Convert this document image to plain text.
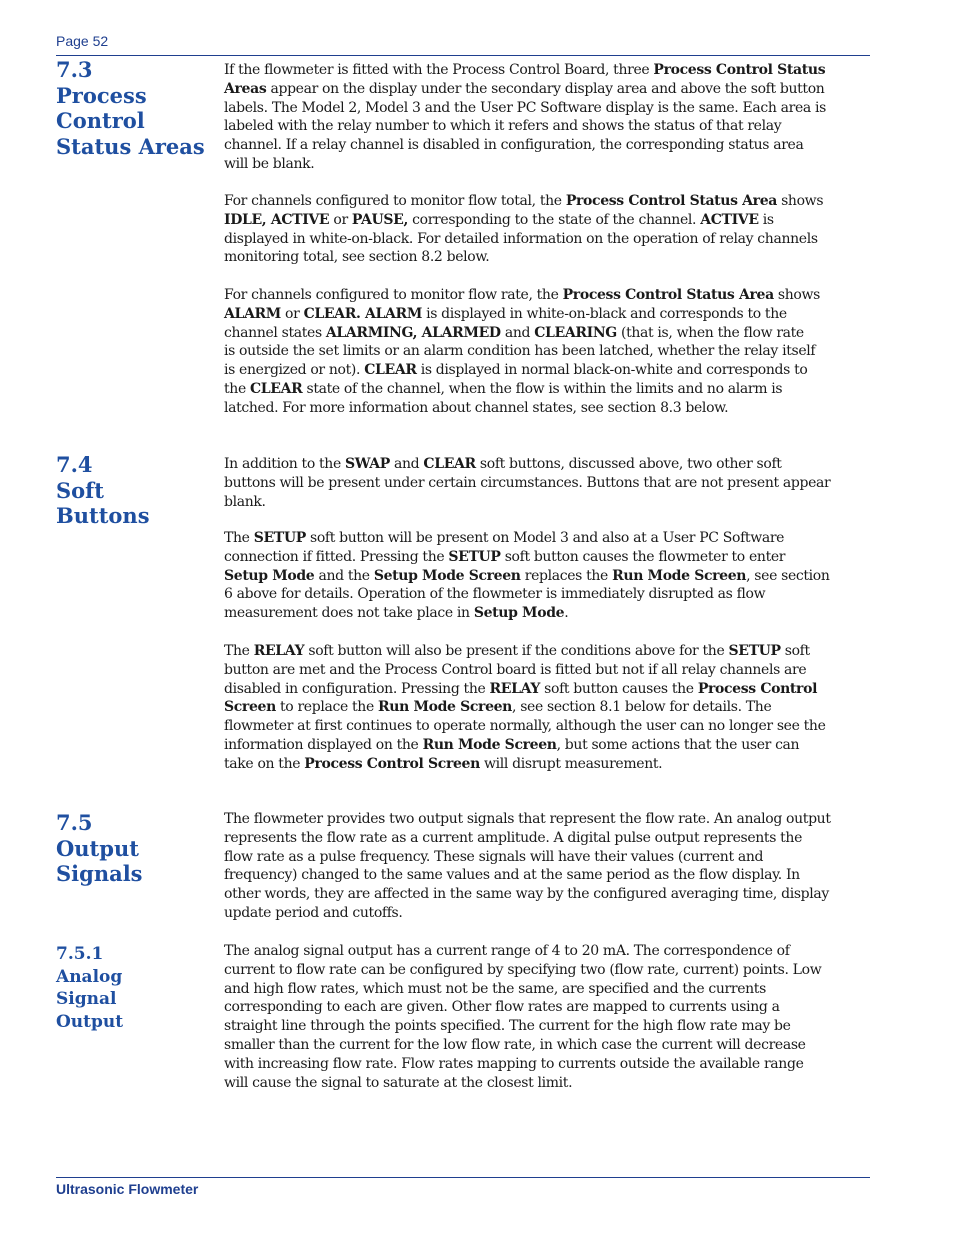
Page 52
7.3
Process
Control
Status Areas

If the flowmeter is fitted with the Process Control Board, three Process Control Status
Areas appear on the display under the secondary display area and above the soft button
labels. The Model 2, Model 3 and the User PC Software display is the same. Each area is
labeled with the relay number to which it refers and shows the status of that relay
channel. If a relay channel is disabled in configuration, the corresponding status area
will be blank.

For channels configured to monitor flow total, the Process Control Status Area shows
IDLE, ACTIVE or PAUSE, corresponding to the state of the channel. ACTIVE is
displayed in white-on-black. For detailed information on the operation of relay channels
monitoring total, see section 8.2 below.

For channels configured to monitor flow rate, the Process Control Status Area shows
ALARM or CLEAR. ALARM is displayed in white-on-black and corresponds to the
channel states ALARMING, ALARMED and CLEARING (that is, when the flow rate
is outside the set limits or an alarm condition has been latched, whether the relay itself
is energized or not). CLEAR is displayed in normal black-on-white and corresponds to
the CLEAR state of the channel, when the flow is within the limits and no alarm is
latched. For more information about channel states, see section 8.3 below.

7.4
Soft
Buttons

In addition to the SWAP and CLEAR soft buttons, discussed above, two other soft
buttons will be present under certain circumstances. Buttons that are not present appear
blank.

The SETUP soft button will be present on Model 3 and also at a User PC Software
connection if fitted. Pressing the SETUP soft button causes the flowmeter to enter
Setup Mode and the Setup Mode Screen replaces the Run Mode Screen, see section
6 above for details. Operation of the flowmeter is immediately disrupted as flow
measurement does not take place in Setup Mode.

The RELAY soft button will also be present if the conditions above for the SETUP soft
button are met and the Process Control board is fitted but not if all relay channels are
disabled in configuration. Pressing the RELAY soft button causes the Process Control
Screen to replace the Run Mode Screen, see section 8.1 below for details. The
flowmeter at first continues to operate normally, although the user can no longer see the
information displayed on the Run Mode Screen, but some actions that the user can
take on the Process Control Screen will disrupt measurement.

7.5
Output
Signals

The flowmeter provides two output signals that represent the flow rate. An analog output
represents the flow rate as a current amplitude. A digital pulse output represents the
flow rate as a pulse frequency. These signals will have their values (current and
frequency) changed to the same values and at the same period as the flow display. In
other words, they are affected in the same way by the configured averaging time, display
update period and cutoffs.

7.5.1
Analog
Signal
Output

The analog signal output has a current range of 4 to 20 mA. The correspondence of
current to flow rate can be configured by specifying two (flow rate, current) points. Low
and high flow rates, which must not be the same, are specified and the currents
corresponding to each are given. Other flow rates are mapped to currents using a
straight line through the points specified. The current for the high flow rate may be
smaller than the current for the low flow rate, in which case the current will decrease
with increasing flow rate. Flow rates mapping to currents outside the available range
will cause the signal to saturate at the closest limit.

Ultrasonic Flowmeter
